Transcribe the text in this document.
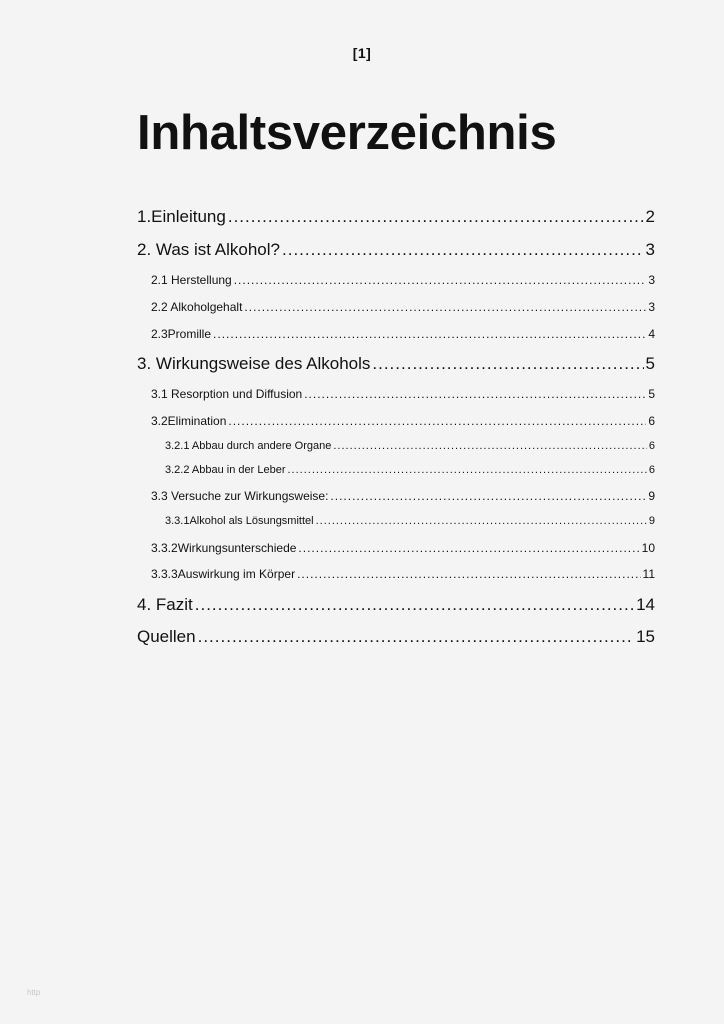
[1]
Inhaltsverzeichnis
1.Einleitung .....	2
2. Was ist Alkohol? .....	3
2.1 Herstellung .....	3
2.2 Alkoholgehalt .....	3
2.3Promille .....	4
3. Wirkungsweise des Alkohols .....	5
3.1 Resorption und Diffusion .....	5
3.2Elimination .....	6
3.2.1 Abbau durch andere Organe .....	6
3.2.2 Abbau in der Leber .....	6
3.3 Versuche zur Wirkungsweise: .....	9
3.3.1Alkohol als Lösungsmittel .....	9
3.3.2Wirkungsunterschiede .....	10
3.3.3Auswirkung im Körper .....	11
4. Fazit .....	14
Quellen .....	15
http
